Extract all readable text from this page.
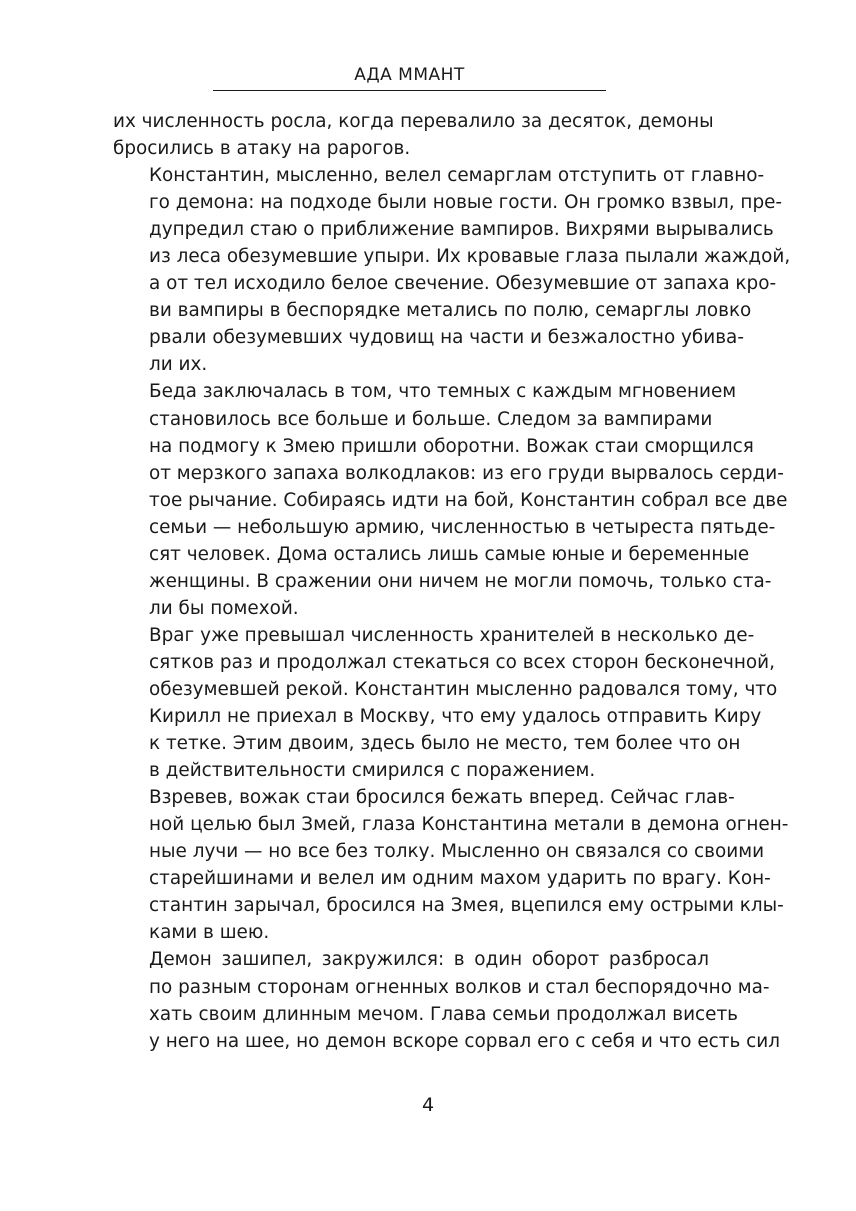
АДА ММАНТ
их численность росла, когда перевалило за десяток, демоны
бросились в атаку на рарогов.
Константин, мысленно, велел семарглам отступить от главно-
го демона: на подходе были новые гости. Он громко взвыл, пре-
дупредил стаю о приближение вампиров. Вихрями вырывались
из леса обезумевшие упыри. Их кровавые глаза пылали жаждой,
а от тел исходило белое свечение. Обезумевшие от запаха кро-
ви вампиры в беспорядке метались по полю, семарглы ловко
рвали обезумевших чудовищ на части и безжалостно убива-
ли их.
Беда заключалась в том, что темных с каждым мгновением
становилось все больше и больше. Следом за вампирами
на подмогу к Змею пришли оборотни. Вожак стаи сморщился
от мерзкого запаха волкодлаков: из его груди вырвалось серди-
тое рычание. Собираясь идти на бой, Константин собрал все две
семьи — небольшую армию, численностью в четыреста пятьде-
сят человек. Дома остались лишь самые юные и беременные
женщины. В сражении они ничем не могли помочь, только ста-
ли бы помехой.
Враг уже превышал численность хранителей в несколько де-
сятков раз и продолжал стекаться со всех сторон бесконечной,
обезумевшей рекой. Константин мысленно радовался тому, что
Кирилл не приехал в Москву, что ему удалось отправить Киру
к тетке. Этим двоим, здесь было не место, тем более что он
в действительности смирился с поражением.
Взревев, вожак стаи бросился бежать вперед. Сейчас глав-
ной целью был Змей, глаза Константина метали в демона огнен-
ные лучи — но все без толку. Мысленно он связался со своими
старейшинами и велел им одним махом ударить по врагу. Кон-
стантин зарычал, бросился на Змея, вцепился ему острыми клы-
ками в шею.
Демон зашипел, закружился: в один оборот разбросал
по разным сторонам огненных волков и стал беспорядочно ма-
хать своим длинным мечом. Глава семьи продолжал висеть
у него на шее, но демон вскоре сорвал его с себя и что есть сил
4
